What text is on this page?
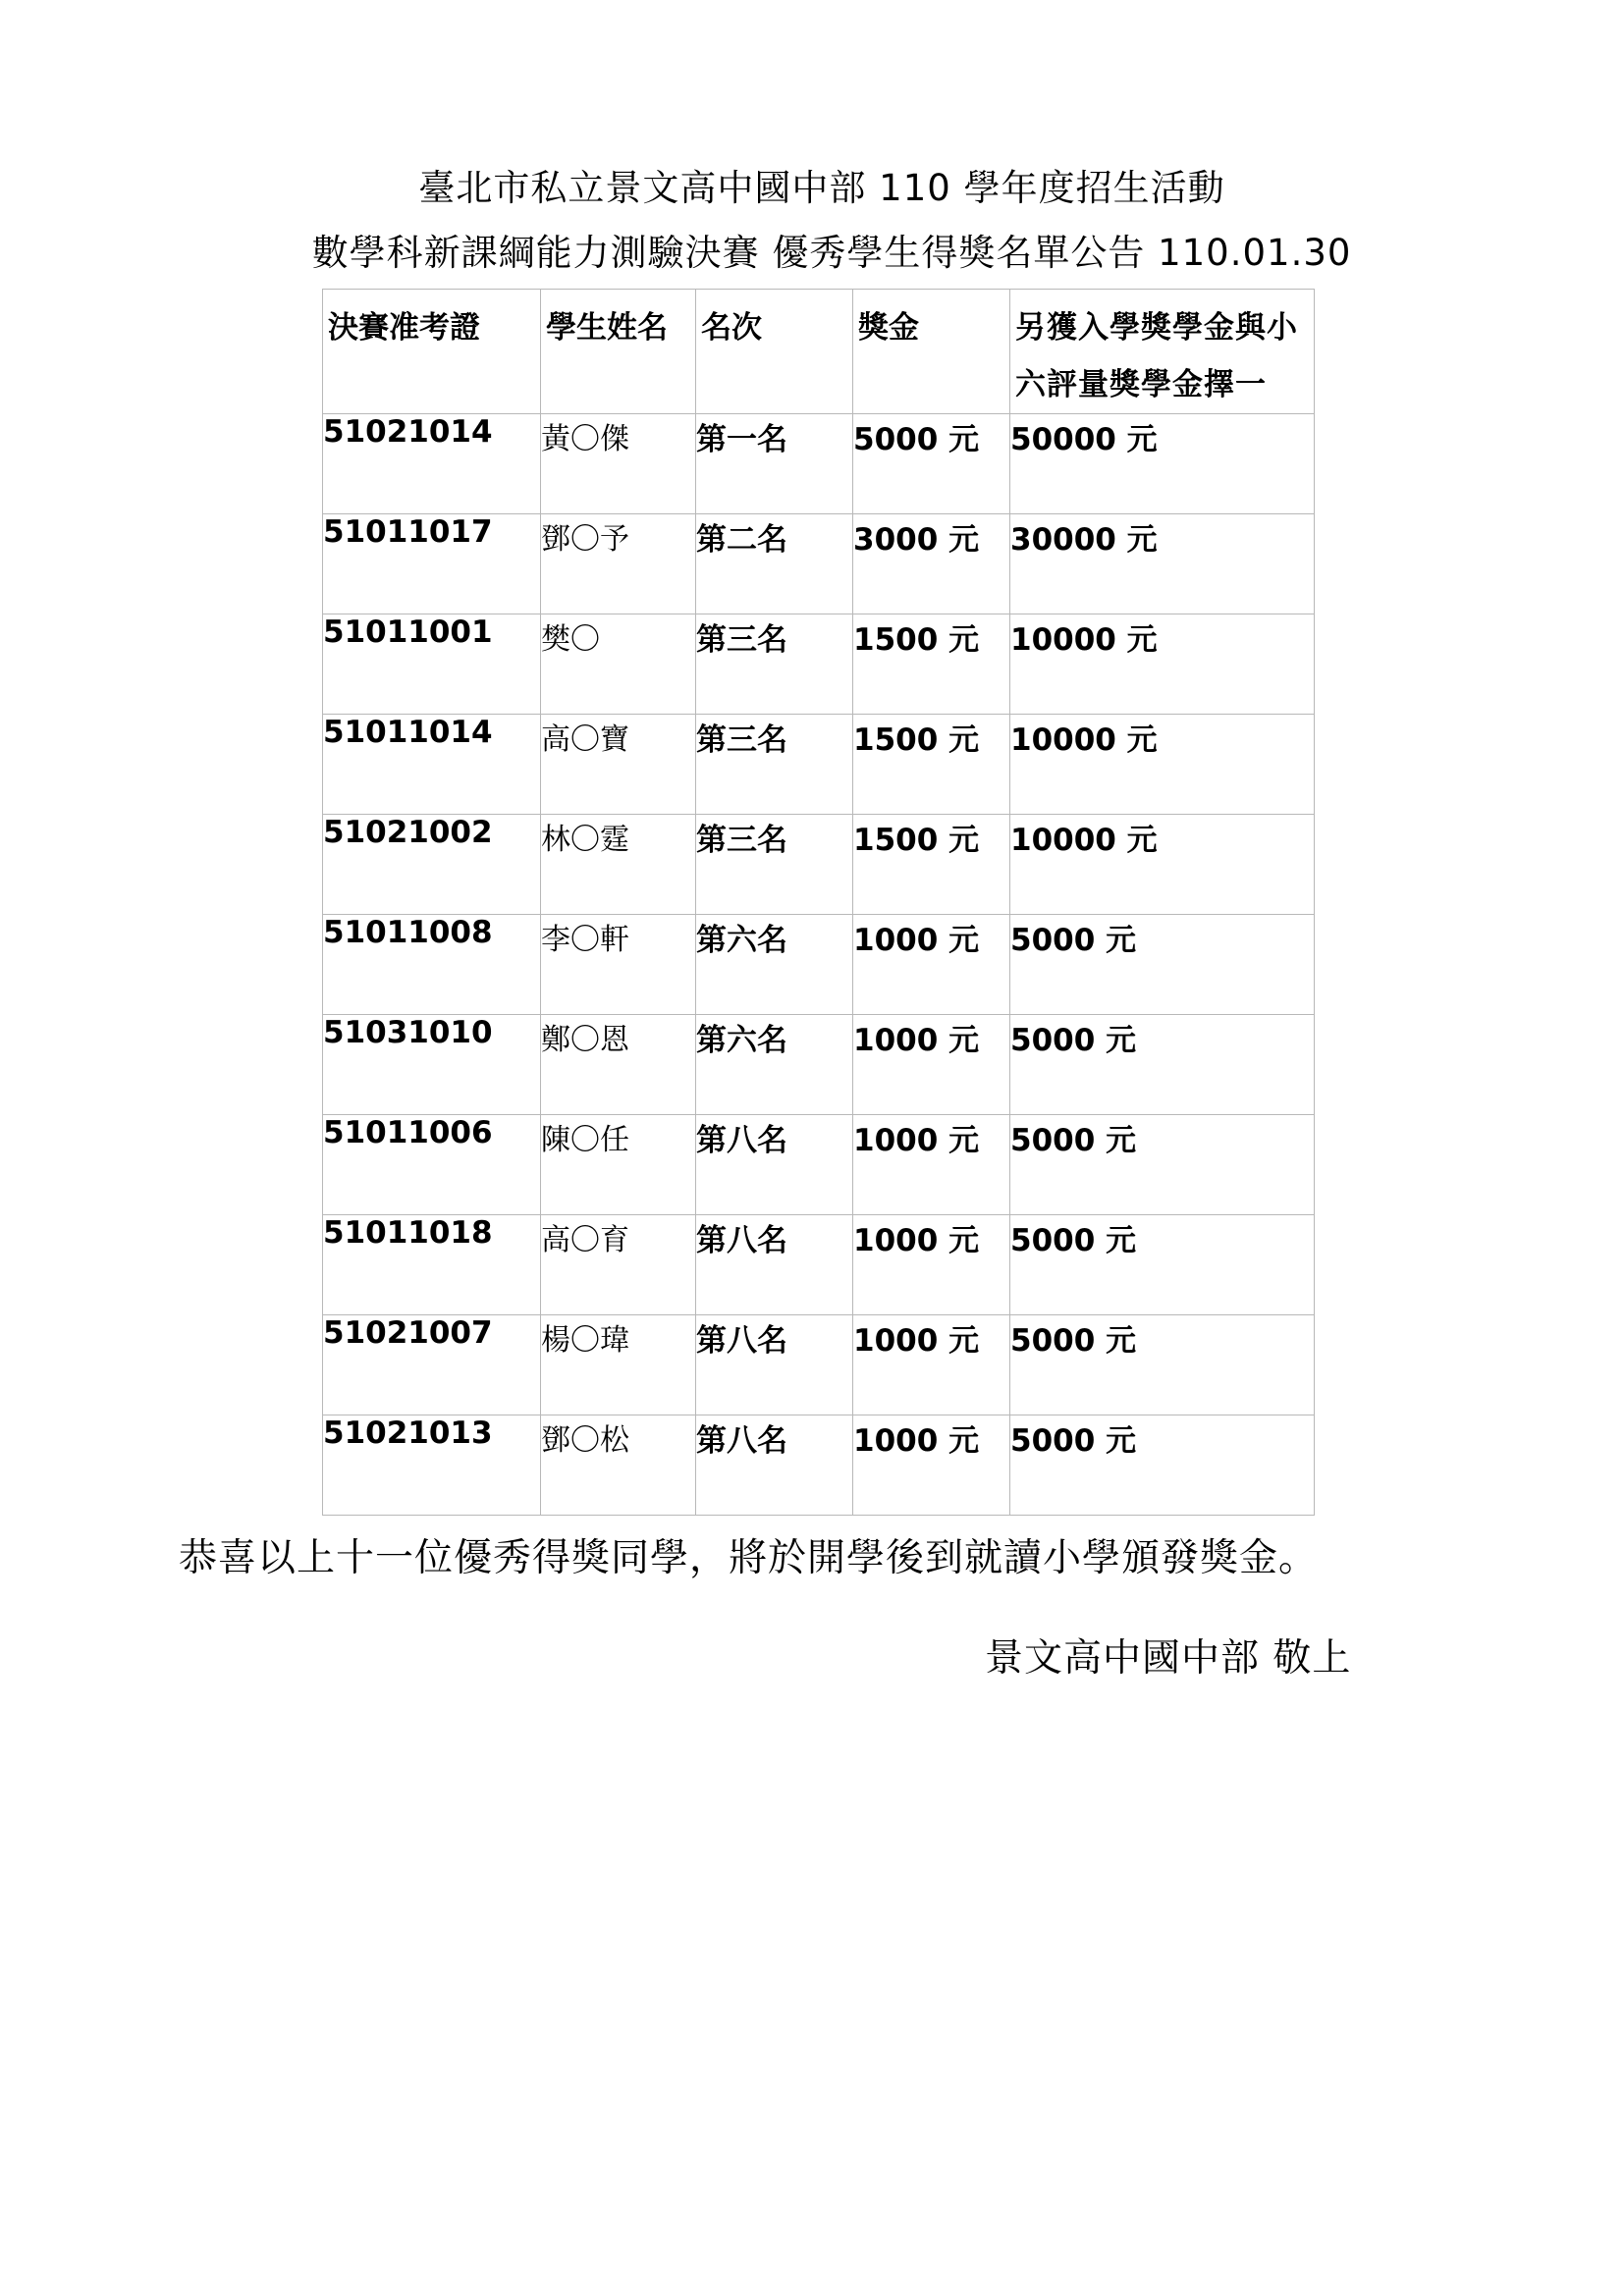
臺北市私立景文高中國中部 110 學年度招生活動
數學科新課綱能力測驗決賽 優秀學生得獎名單公告 110.01.30
決賽准考證	學生姓名	名次	獎金	另獲入學獎學金與小六評量獎學金擇一
51021014	黃〇傑	第一名	5000 元	50000 元
51011017	鄧〇予	第二名	3000 元	30000 元
51011001	樊〇	第三名	1500 元	10000 元
51011014	高〇寶	第三名	1500 元	10000 元
51021002	林〇霆	第三名	1500 元	10000 元
51011008	李〇軒	第六名	1000 元	5000 元
51031010	鄭〇恩	第六名	1000 元	5000 元
51011006	陳〇任	第八名	1000 元	5000 元
51011018	高〇育	第八名	1000 元	5000 元
51021007	楊〇瑋	第八名	1000 元	5000 元
51021013	鄧〇松	第八名	1000 元	5000 元
恭喜以上十一位優秀得獎同學，將於開學後到就讀小學頒發獎金。
景文高中國中部 敬上
